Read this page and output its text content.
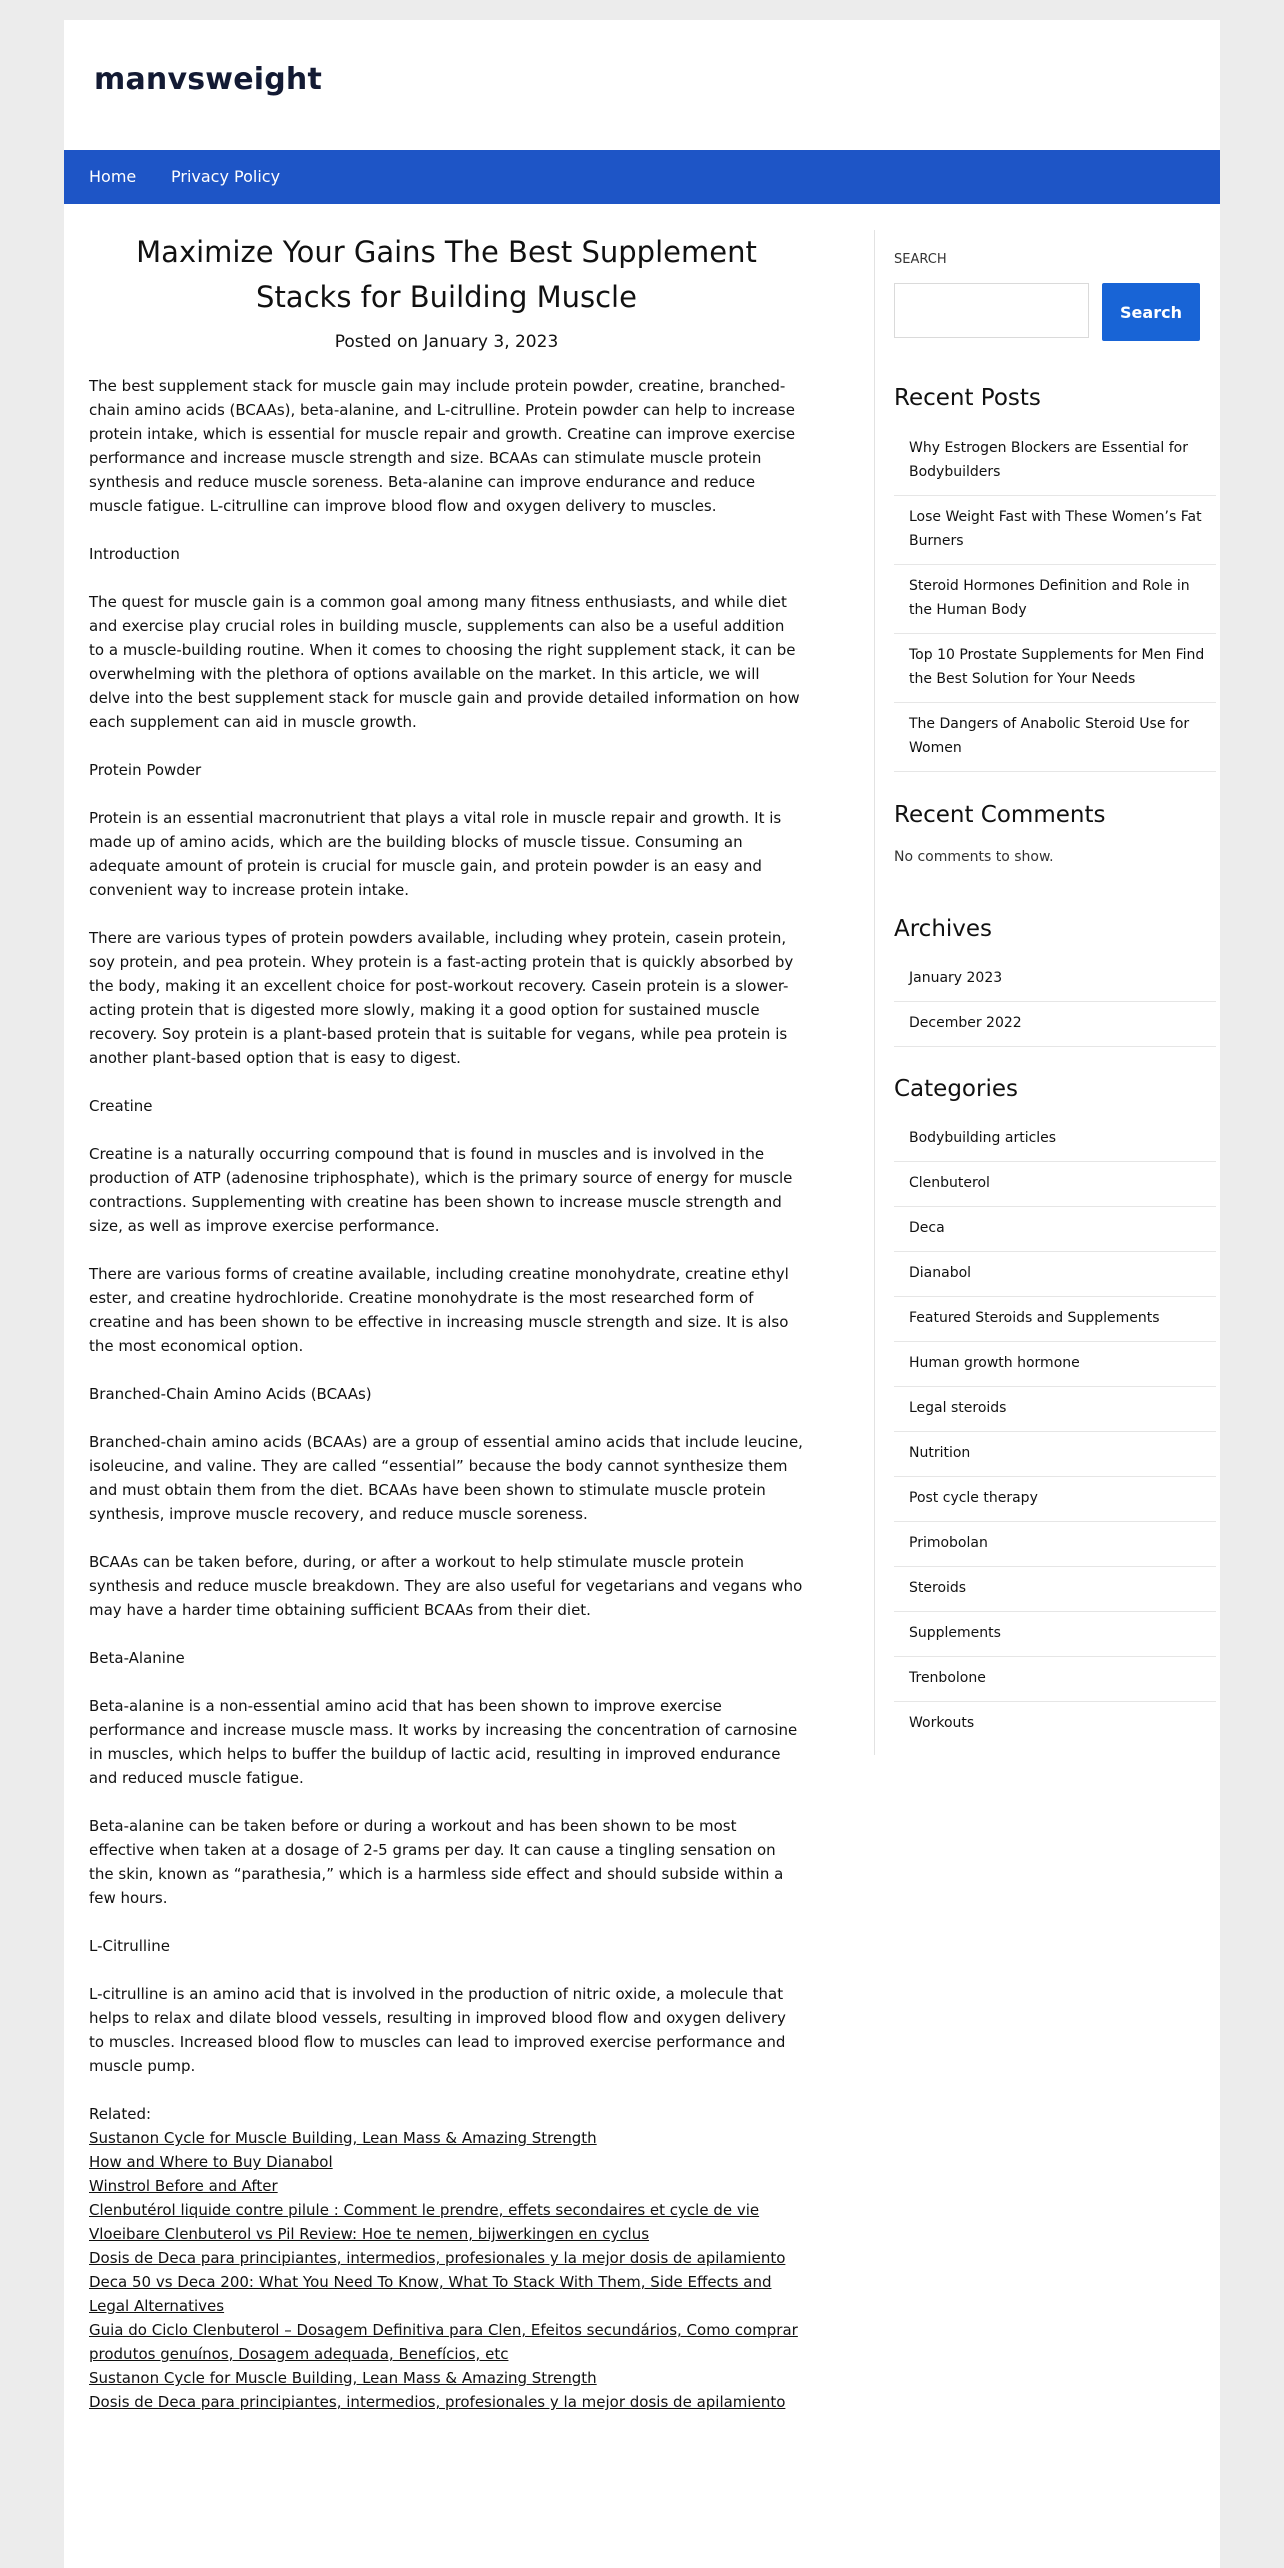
manvsweight
Home Privacy Policy
Maximize Your Gains The Best Supplement Stacks for Building Muscle
Posted on January 3, 2023

The best supplement stack for muscle gain may include protein powder, creatine, branched-chain amino acids (BCAAs), beta-alanine, and L-citrulline. Protein powder can help to increase protein intake, which is essential for muscle repair and growth. Creatine can improve exercise performance and increase muscle strength and size. BCAAs can stimulate muscle protein synthesis and reduce muscle soreness. Beta-alanine can improve endurance and reduce muscle fatigue. L-citrulline can improve blood flow and oxygen delivery to muscles.

Introduction

The quest for muscle gain is a common goal among many fitness enthusiasts, and while diet and exercise play crucial roles in building muscle, supplements can also be a useful addition to a muscle-building routine. When it comes to choosing the right supplement stack, it can be overwhelming with the plethora of options available on the market. In this article, we will delve into the best supplement stack for muscle gain and provide detailed information on how each supplement can aid in muscle growth.

Protein Powder

Protein is an essential macronutrient that plays a vital role in muscle repair and growth. It is made up of amino acids, which are the building blocks of muscle tissue. Consuming an adequate amount of protein is crucial for muscle gain, and protein powder is an easy and convenient way to increase protein intake.

There are various types of protein powders available, including whey protein, casein protein, soy protein, and pea protein. Whey protein is a fast-acting protein that is quickly absorbed by the body, making it an excellent choice for post-workout recovery. Casein protein is a slower-acting protein that is digested more slowly, making it a good option for sustained muscle recovery. Soy protein is a plant-based protein that is suitable for vegans, while pea protein is another plant-based option that is easy to digest.

Creatine

Creatine is a naturally occurring compound that is found in muscles and is involved in the production of ATP (adenosine triphosphate), which is the primary source of energy for muscle contractions. Supplementing with creatine has been shown to increase muscle strength and size, as well as improve exercise performance.

There are various forms of creatine available, including creatine monohydrate, creatine ethyl ester, and creatine hydrochloride. Creatine monohydrate is the most researched form of creatine and has been shown to be effective in increasing muscle strength and size. It is also the most economical option.

Branched-Chain Amino Acids (BCAAs)

Branched-chain amino acids (BCAAs) are a group of essential amino acids that include leucine, isoleucine, and valine. They are called “essential” because the body cannot synthesize them and must obtain them from the diet. BCAAs have been shown to stimulate muscle protein synthesis, improve muscle recovery, and reduce muscle soreness.

BCAAs can be taken before, during, or after a workout to help stimulate muscle protein synthesis and reduce muscle breakdown. They are also useful for vegetarians and vegans who may have a harder time obtaining sufficient BCAAs from their diet.

Beta-Alanine

Beta-alanine is a non-essential amino acid that has been shown to improve exercise performance and increase muscle mass. It works by increasing the concentration of carnosine in muscles, which helps to buffer the buildup of lactic acid, resulting in improved endurance and reduced muscle fatigue.

Beta-alanine can be taken before or during a workout and has been shown to be most effective when taken at a dosage of 2-5 grams per day. It can cause a tingling sensation on the skin, known as “parathesia,” which is a harmless side effect and should subside within a few hours.

L-Citrulline

L-citrulline is an amino acid that is involved in the production of nitric oxide, a molecule that helps to relax and dilate blood vessels, resulting in improved blood flow and oxygen delivery to muscles. Increased blood flow to muscles can lead to improved exercise performance and muscle pump.

Related:
Sustanon Cycle for Muscle Building, Lean Mass & Amazing Strength
How and Where to Buy Dianabol
Winstrol Before and After
Clenbutérol liquide contre pilule : Comment le prendre, effets secondaires et cycle de vie
Vloeibare Clenbuterol vs Pil Review: Hoe te nemen, bijwerkingen en cyclus
Dosis de Deca para principiantes, intermedios, profesionales y la mejor dosis de apilamiento
Deca 50 vs Deca 200: What You Need To Know, What To Stack With Them, Side Effects and Legal Alternatives
Guia do Ciclo Clenbuterol – Dosagem Definitiva para Clen, Efeitos secundários, Como comprar produtos genuínos, Dosagem adequada, Benefícios, etc
Sustanon Cycle for Muscle Building, Lean Mass & Amazing Strength
Dosis de Deca para principiantes, intermedios, profesionales y la mejor dosis de apilamiento

SEARCH

Search
Recent Posts
Why Estrogen Blockers are Essential for Bodybuilders
Lose Weight Fast with These Women’s Fat Burners
Steroid Hormones Definition and Role in the Human Body
Top 10 Prostate Supplements for Men Find the Best Solution for Your Needs
The Dangers of Anabolic Steroid Use for Women
Recent Comments

No comments to show.

Archives
January 2023
December 2022
Categories
Bodybuilding articles
Clenbuterol
Deca
Dianabol
Featured Steroids and Supplements
Human growth hormone
Legal steroids
Nutrition
Post cycle therapy
Primobolan
Steroids
Supplements
Trenbolone
Workouts
